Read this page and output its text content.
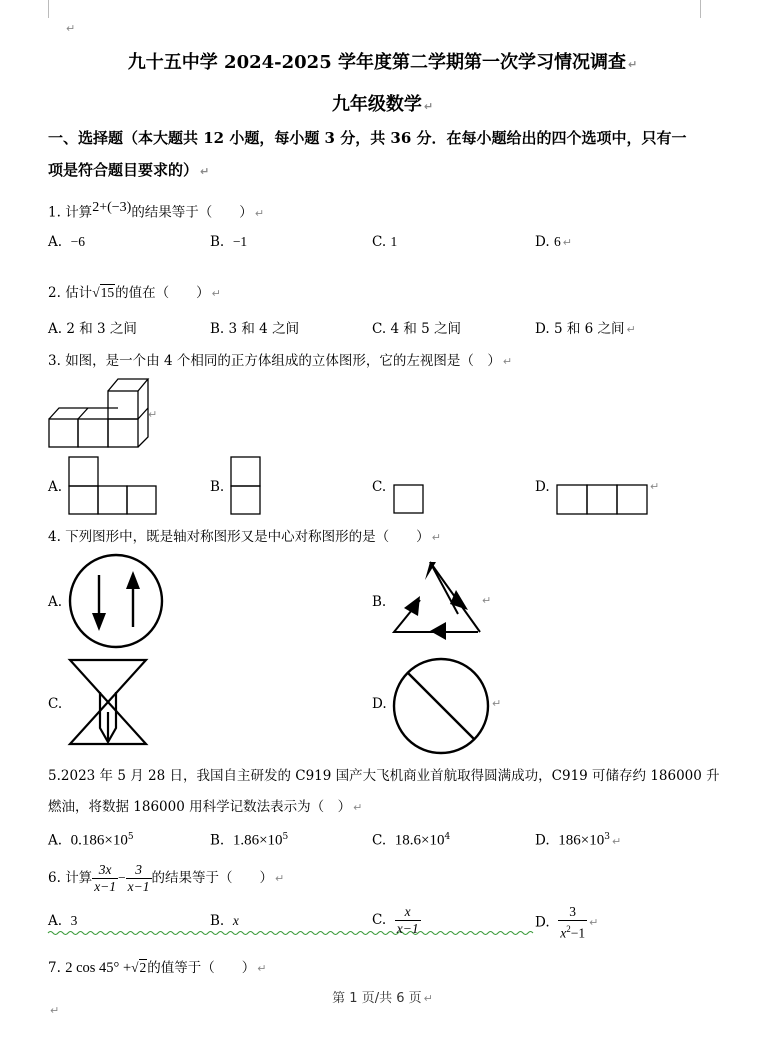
↵
九十五中学 2024-2025 学年度第二学期第一次学习情况调查 ↵
九年级数学 ↵
一、选择题（本大题共 12 小题，每小题 3 分，共 36 分．在每小题给出的四个选项中，只有一
项是符合题目要求的） ↵
1. 计算$^{2+(-3)}$的结果等于（　　） ↵
A. −6	B. −1	C. 1	D. 6 ↵
2. 估计√15的值在（　　） ↵
A. 2 和 3 之间	B. 3 和 4 之间	C. 4 和 5 之间	D. 5 和 6 之间 ↵
3. 如图，是一个由 4 个相同的正方体组成的立体图形，它的左视图是（　） ↵
↵
A.	B.	C.	D.	↵
4. 下列图形中，既是轴对称图形又是中心对称图形的是（　　） ↵
A.	B.	↵
C.	D.	↵
5.2023 年 5 月 28 日，我国自主研发的 C919 国产大飞机商业首航取得圆满成功，C919 可储存约 186000 升
燃油，将数据 186000 用科学记数法表示为（　） ↵
A. $0.186\times 10^5$	B. $1.86\times 10^5$	C. $18.6\times 10^4$	D. $186\times 10^3$ ↵
6. 计算 $\frac{3x}{x-1} - \frac{3}{x-1}$ 的结果等于（　　） ↵
A. 3	B. x	C. $\frac{x}{x-1}$	D. $\frac{3}{x^2-1}$ ↵
7. 2 cos 45° +√2的值等于（　　） ↵
第 1 页/共 6 页 ↵
↵
